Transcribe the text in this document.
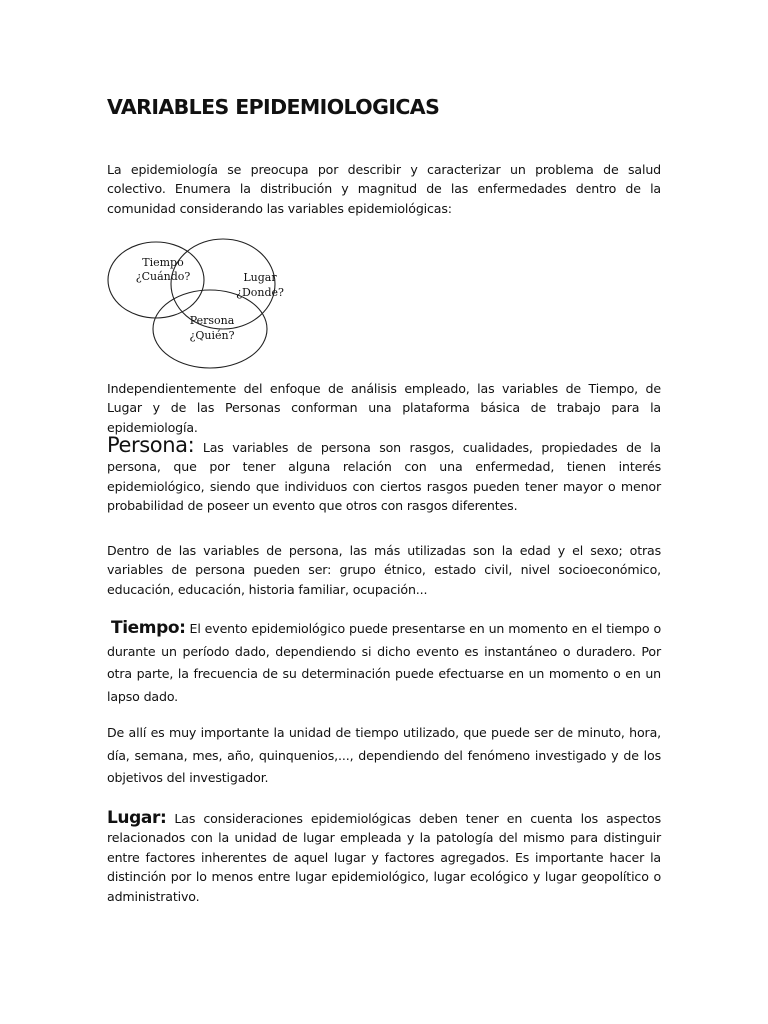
VARIABLES EPIDEMIOLOGICAS

La epidemiología se preocupa por describir y caracterizar un problema de salud colectivo. Enumera la distribución y magnitud de las enfermedades dentro de la comunidad considerando las variables epidemiológicas:

Independientemente del enfoque de análisis empleado, las variables de Tiempo, de Lugar y de las Personas conforman una plataforma básica de trabajo para la epidemiología.

Persona: Las variables de persona son rasgos, cualidades, propiedades de la persona, que por tener alguna relación con una enfermedad, tienen interés epidemiológico, siendo que individuos con ciertos rasgos pueden tener mayor o menor probabilidad de poseer un evento que otros con rasgos diferentes.

Dentro de las variables de persona, las más utilizadas son la edad y el sexo; otras variables de persona pueden ser: grupo étnico, estado civil, nivel socioeconómico, educación, educación, historia familiar, ocupación...

Tiempo: El evento epidemiológico puede presentarse en un momento en el tiempo o durante un período dado, dependiendo si dicho evento es instantáneo o duradero. Por otra parte, la frecuencia de su determinación puede efectuarse en un momento o en un lapso dado.

De allí es muy importante la unidad de tiempo utilizado, que puede ser de minuto, hora, día, semana, mes, año, quinquenios,..., dependiendo del fenómeno investigado y de los objetivos del investigador.

Lugar: Las consideraciones epidemiológicas deben tener en cuenta los aspectos relacionados con la unidad de lugar empleada y la patología del mismo para distinguir entre factores inherentes de aquel lugar y factores agregados. Es importante hacer la distinción por lo menos entre lugar epidemiológico, lugar ecológico y lugar geopolítico o administrativo.

Tiempo
¿Cuándo?	Lugar
¿Donde?
Persona
¿Quién?
